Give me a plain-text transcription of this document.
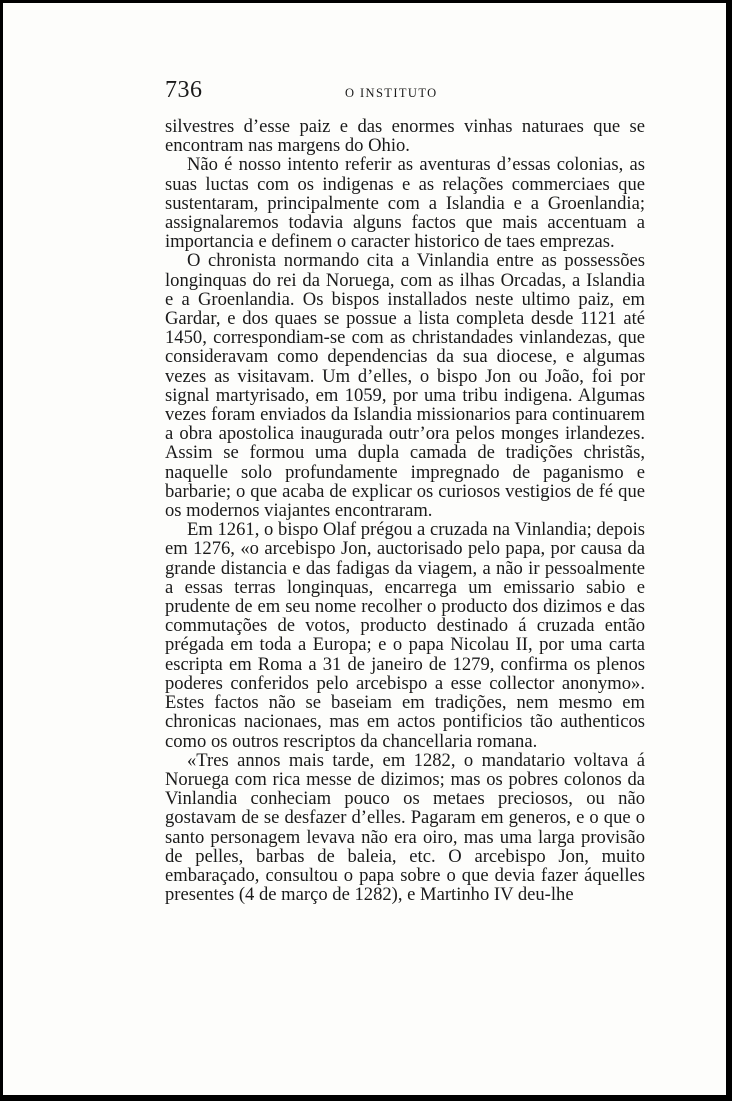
736	O INSTITUTO

silvestres d’esse paiz e das enormes vinhas naturaes que se encontram nas margens do Ohio.

Não é nosso intento referir as aventuras d’essas colonias, as suas luctas com os indigenas e as relações commerciaes que sustentaram, principalmente com a Islandia e a Groenlandia; assignalaremos todavia alguns factos que mais accentuam a importancia e definem o caracter historico de taes emprezas.

O chronista normando cita a Vinlandia entre as possessões longinquas do rei da Noruega, com as ilhas Orcadas, a Islandia e a Groenlandia. Os bispos installados neste ultimo paiz, em Gardar, e dos quaes se possue a lista completa desde 1121 até 1450, correspondiam-se com as christandades vinlandezas, que consideravam como dependencias da sua diocese, e algumas vezes as visitavam. Um d’elles, o bispo Jon ou João, foi por signal martyrisado, em 1059, por uma tribu indigena. Algumas vezes foram enviados da Islandia missionarios para continuarem a obra apostolica inaugurada outr’ora pelos monges irlandezes. Assim se formou uma dupla camada de tradições christãs, naquelle solo profundamente impregnado de paganismo e barbarie; o que acaba de explicar os curiosos vestigios de fé que os modernos viajantes encontraram.

Em 1261, o bispo Olaf prégou a cruzada na Vinlandia; depois em 1276, «o arcebispo Jon, auctorisado pelo papa, por causa da grande distancia e das fadigas da viagem, a não ir pessoalmente a essas terras longinquas, encarrega um emissario sabio e prudente de em seu nome recolher o producto dos dizimos e das commutações de votos, producto destinado á cruzada então prégada em toda a Europa; e o papa Nicolau II, por uma carta escripta em Roma a 31 de janeiro de 1279, confirma os plenos poderes conferidos pelo arcebispo a esse collector anonymo». Estes factos não se baseiam em tradições, nem mesmo em chronicas nacionaes, mas em actos pontificios tão authenticos como os outros rescriptos da chancellaria romana.

«Tres annos mais tarde, em 1282, o mandatario voltava á Noruega com rica messe de dizimos; mas os pobres colonos da Vinlandia conheciam pouco os metaes preciosos, ou não gostavam de se desfazer d’elles. Pagaram em generos, e o que o santo personagem levava não era oiro, mas uma larga provisão de pelles, barbas de baleia, etc. O arcebispo Jon, muito embaraçado, consultou o papa sobre o que devia fazer áquelles presentes (4 de março de 1282), e Martinho IV deu-lhe
